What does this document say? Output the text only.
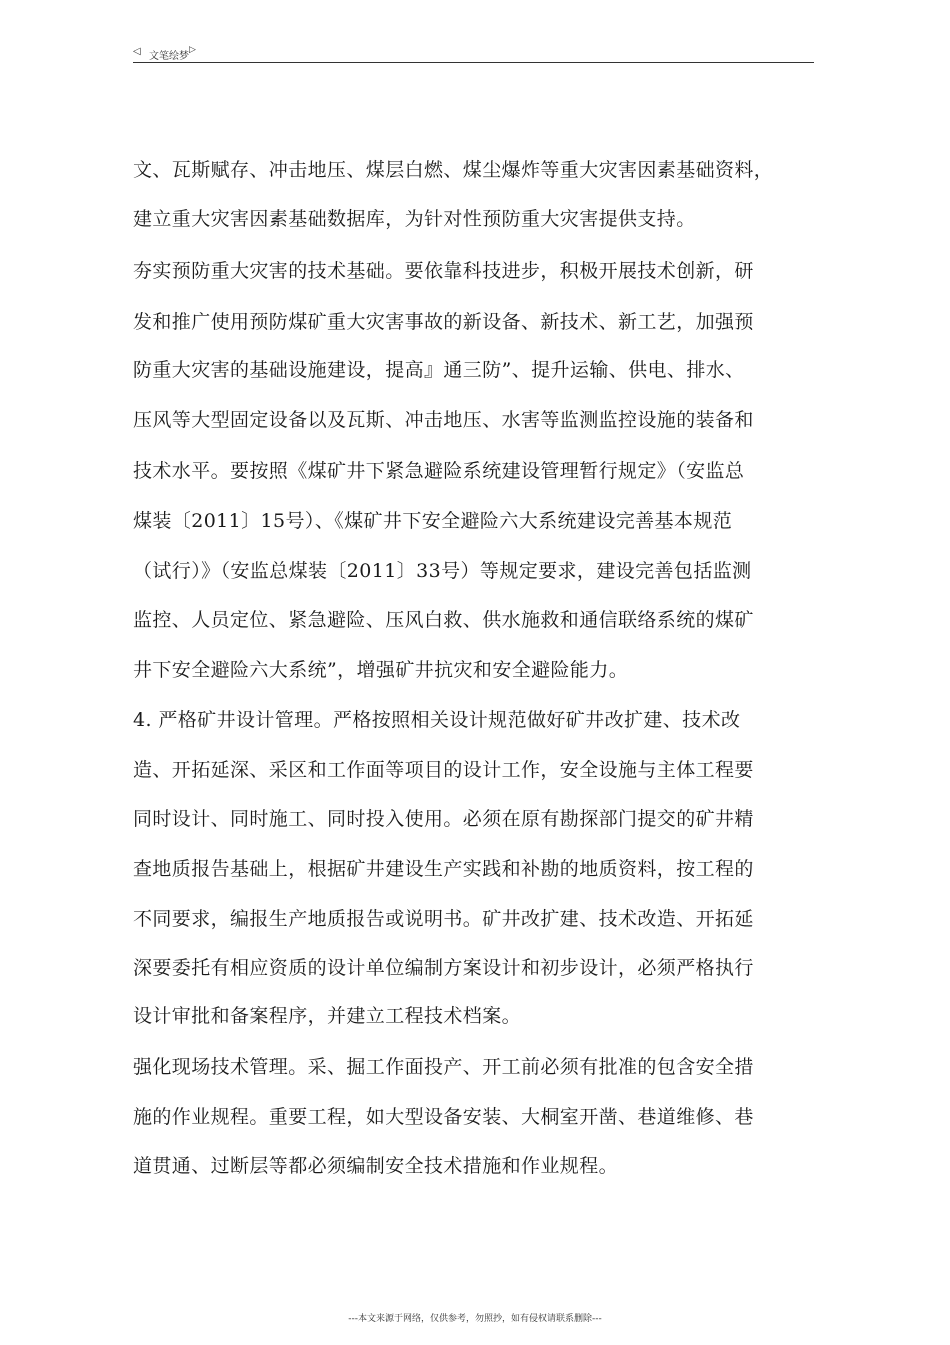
◁ 文笔绘梦
▷
文、瓦斯赋存、冲击地压、煤层白燃、煤尘爆炸等重大灾害因素基础资料，
建立重大灾害因素基础数据库，为针对性预防重大灾害提供支持。
夯实预防重大灾害的技术基础。要依靠科技进步，积极开展技术创新，研
发和推广使用预防煤矿重大灾害事故的新设备、新技术、新工艺，加强预
防重大灾害的基础设施建设，提高』通三防”、提升运输、供电、排水、
压风等大型固定设备以及瓦斯、冲击地压、水害等监测监控设施的装备和
技术水平。要按照《煤矿井下紧急避险系统建设管理暂行规定》（安监总
煤装〔2011〕15号）、《煤矿井下安全避险六大系统建设完善基本规范
（试行）》（安监总煤装〔2011〕33号）等规定要求，建设完善包括监测
监控、人员定位、紧急避险、压风白救、供水施救和通信联络系统的煤矿
井下安全避险六大系统”，增强矿井抗灾和安全避险能力。
4. 严格矿井设计管理。严格按照相关设计规范做好矿井改扩建、技术改
造、开拓延深、采区和工作面等项目的设计工作，安全设施与主体工程要
同时设计、同时施工、同时投入使用。必须在原有勘探部门提交的矿井精
查地质报告基础上，根据矿井建设生产实践和补勘的地质资料，按工程的
不同要求，编报生产地质报告或说明书。矿井改扩建、技术改造、开拓延
深要委托有相应资质的设计单位编制方案设计和初步设计，必须严格执行
设计审批和备案程序，并建立工程技术档案。
强化现场技术管理。采、掘工作面投产、开工前必须有批准的包含安全措
施的作业规程。重要工程，如大型设备安装、大桐室开凿、巷道维修、巷
道贯通、过断层等都必须编制安全技术措施和作业规程。
---本文来源于网络，仅供参考，勿照抄，如有侵权请联系删除---
